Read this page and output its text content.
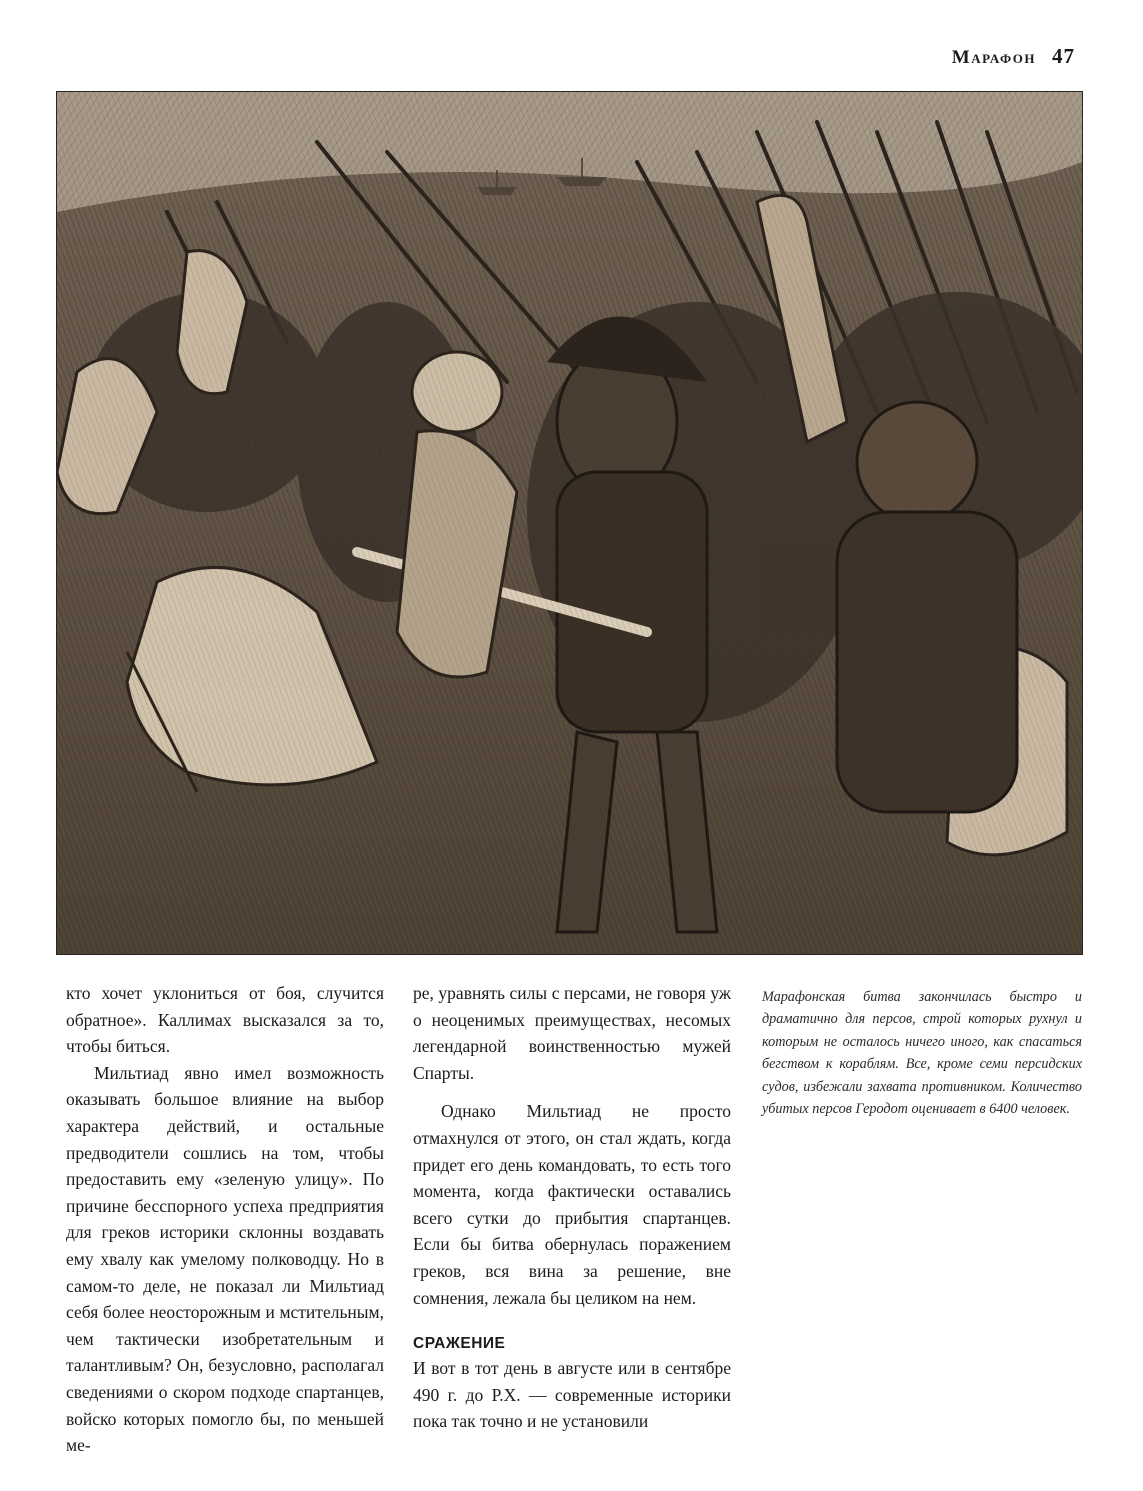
Марафон 47

кто хочет уклониться от боя, случится обратное». Каллимах высказался за то, чтобы биться.

Мильтиад явно имел возможность оказывать большое влияние на выбор характера действий, и остальные предводители сошлись на том, чтобы предоставить ему «зеленую улицу». По причине бесспорного успеха предприятия для греков историки склонны воздавать ему хвалу как умелому полководцу. Но в самом-то деле, не показал ли Мильтиад себя более неосторожным и мстительным, чем тактически изобретательным и талантливым? Он, безусловно, располагал сведениями о скором подходе спартанцев, войско которых помогло бы, по меньшей ме-

ре, уравнять силы с персами, не говоря уж о неоценимых преимуществах, несомых легендарной воинственностью мужей Спарты.

Однако Мильтиад не просто отмахнулся от этого, он стал ждать, когда придет его день командовать, то есть того момента, когда фактически оставались всего сутки до прибытия спартанцев. Если бы битва обернулась поражением греков, вся вина за решение, вне сомнения, лежала бы целиком на нем.

СРАЖЕНИЕ

И вот в тот день в августе или в сентябре 490 г. до Р.Х. — современные историки пока так точно и не установили

Марафонская битва закончилась быстро и драматично для персов, строй которых рухнул и которым не осталось ничего иного, как спасаться бегством к кораблям. Все, кроме семи персидских судов, избежали захвата противником. Количество убитых персов Геродот оценивает в 6400 человек.
